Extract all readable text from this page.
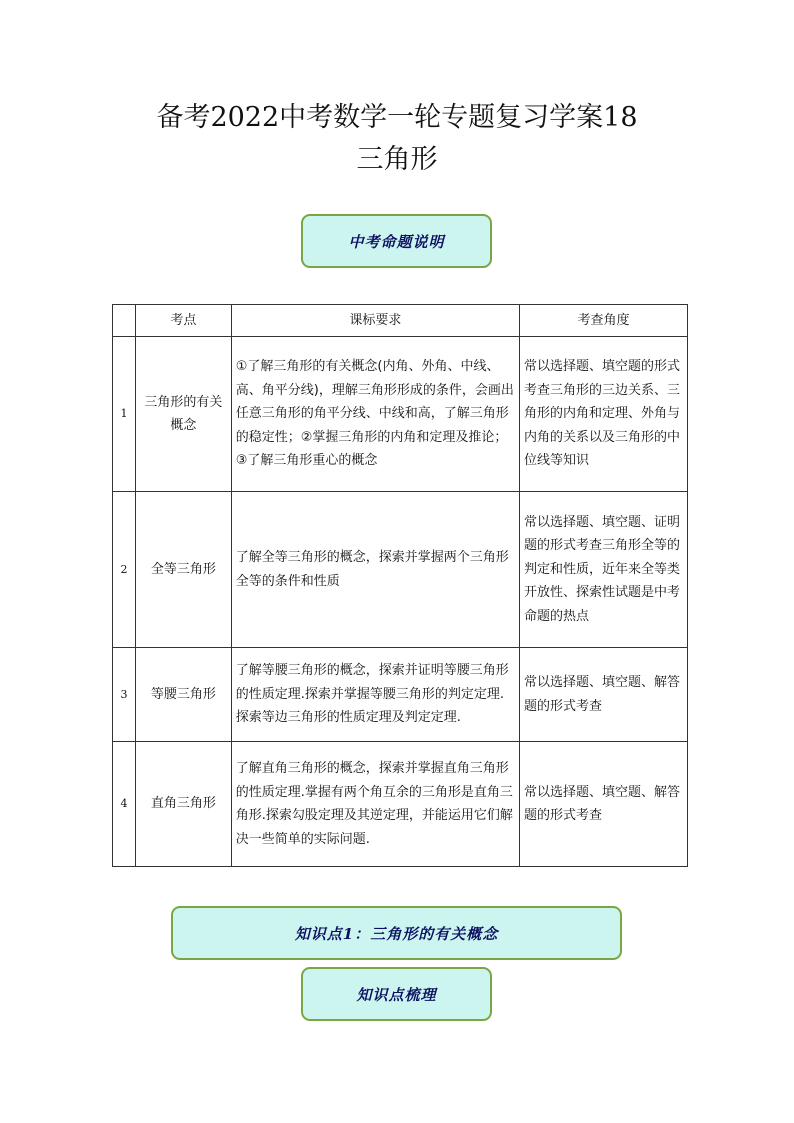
备考2022中考数学一轮专题复习学案18
三角形
中考命题说明
	考点	课标要求	考查角度
1	三角形的有关概念	①了解三角形的有关概念(内角、外角、中线、高、角平分线)，理解三角形形成的条件，会画出任意三角形的角平分线、中线和高，了解三角形的稳定性；②掌握三角形的内角和定理及推论；③了解三角形重心的概念	常以选择题、填空题的形式考查三角形的三边关系、三角形的内角和定理、外角与内角的关系以及三角形的中位线等知识
2	全等三角形	了解全等三角形的概念，探索并掌握两个三角形全等的条件和性质	常以选择题、填空题、证明题的形式考查三角形全等的判定和性质，近年来全等类开放性、探索性试题是中考命题的热点
3	等腰三角形	了解等腰三角形的概念，探索并证明等腰三角形的性质定理.探索并掌握等腰三角形的判定定理.探索等边三角形的性质定理及判定定理.	常以选择题、填空题、解答题的形式考查
4	直角三角形	了解直角三角形的概念，探索并掌握直角三角形的性质定理.掌握有两个角互余的三角形是直角三角形.探索勾股定理及其逆定理，并能运用它们解决一些简单的实际问题.	常以选择题、填空题、解答题的形式考查
知识点1：三角形的有关概念
知识点梳理
